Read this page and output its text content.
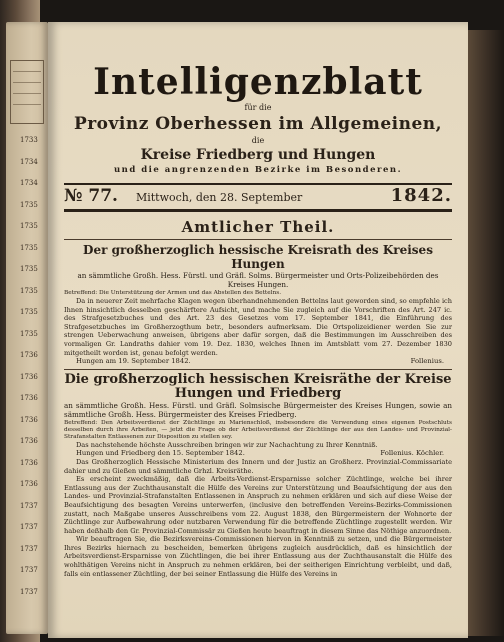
1733
1734
1734
1735
1735
1735
1735
1735
1735
1735
1736
1736
1736
1736
1736
1736
1736
1737
1737
1737
1737
1737
Intelligenzblatt
für die
Provinz Oberhessen im Allgemeinen,
die
Kreise Friedberg und Hungen
und die angrenzenden Bezirke im Besonderen.
№ 77.	Mittwoch, den 28. September	1842.
Amtlicher Theil.
Der großherzoglich hessische Kreisrath des Kreises Hungen
an sämmtliche Großh. Hess. Fürstl. und Gräfl. Solms. Bürgermeister und Orts-Polizeibehörden des Kreises Hungen.
Betreffend: Die Unterstützung der Armen und das Abstellen des Bettelns.
Da in neuerer Zeit mehrfache Klagen wegen überhandnehmenden Bettelns laut geworden sind, so empfehle ich Ihnen hinsichtlich desselben geschärftere Aufsicht, und mache Sie zugleich auf die Vorschriften des Art. 247 ic. des Strafgesetzbuches und des Art. 23 des Gesetzes vom 17. September 1841, die Einführung des Strafgesetzbuches im Großherzogthum betr., besonders aufmerksam. Die Ortspolizeidiener werden Sie zur strengen Ueberwachung anweisen, übrigens aber dafür sorgen, daß die Bestimmungen im Ausschreiben des vormaligen Gr. Landraths dahier vom 19. Dez. 1830, welches Ihnen im Amtsblatt vom 27. Dezember 1830 mitgetheilt worden ist, genau befolgt werden.
Hungen am 19. September 1842.	Follenius.
Die großherzoglich hessischen Kreisräthe der Kreise Hungen und Friedberg
an sämmtliche Großh. Hess. Fürstl. und Gräfl. Solmsische Bürgermeister des Kreises Hungen, sowie an sämmtliche Großh. Hess. Bürgermeister des Kreises Friedberg.
Betreffend: Den Arbeitsverdienst der Züchtlinge zu Marienschloß, insbesondere die Verwendung eines eigenen Postschluts desselben durch ihre Arbeiten, — jetzt die Frage ob der Arbeitsverdienst der Züchtlinge der aus den Landes- und Provinzial-Strafanstalten Entlassenen zur Disposition zu stellen sey.
Das nachstehende höchste Ausschreiben bringen wir zur Nachachtung zu Ihrer Kenntniß.
Hungen und Friedberg den 15. September 1842.	Follenius. Köchler.
Das Großherzoglich Hessische Ministerium des Innern und der Justiz an Großherz. Provinzial-Commissariate dahier und zu Gießen und sämmtliche Grhzl. Kreisräthe.
Es erscheint zweckmäßig, daß die Arbeits-Verdienst-Ersparnisse solcher Züchtlinge, welche bei ihrer Entlassung aus der Zuchthausanstalt die Hülfe des Vereins zur Unterstützung und Beaufsichtigung der aus den Landes- und Provinzial-Strafanstalten Entlassenen in Anspruch zu nehmen erklären und sich auf diese Weise der Beaufsichtigung des besagten Vereins unterwerfen, (inclusive den betreffenden Vereins-Bezirks-Commissionen zustatt, nach Maßgabe unseres Ausschreibens vom 22. August 1838, den Bürgermeistern der Wohnorte der Züchtlinge zur Aufbewahrung oder nutzbaren Verwendung für die betreffende Züchtlinge zugestellt werden. Wir haben deßhalb den Gr. Provinzial-Commissär zu Gießen heute beauftragt in diesem Sinne das Nöthige anzuordnen.
Wir beauftragen Sie, die Bezirksvereins-Commissionen hiervon in Kenntniß zu setzen, und die Bürgermeister Ihres Bezirks hiernach zu bescheiden, bemerken übrigens zugleich ausdrücklich, daß es hinsichtlich der Arbeitsverdienst-Ersparnisse von Züchtlingen, die bei ihrer Entlassung aus der Zuchthausanstalt die Hülfe des wohlthätigen Vereins nicht in Anspruch zu nehmen erklären, bei der seitherigen Einrichtung verbleibt, und daß, falls ein entlassener Züchtling, der bei seiner Entlassung die Hülfe des Vereins in
